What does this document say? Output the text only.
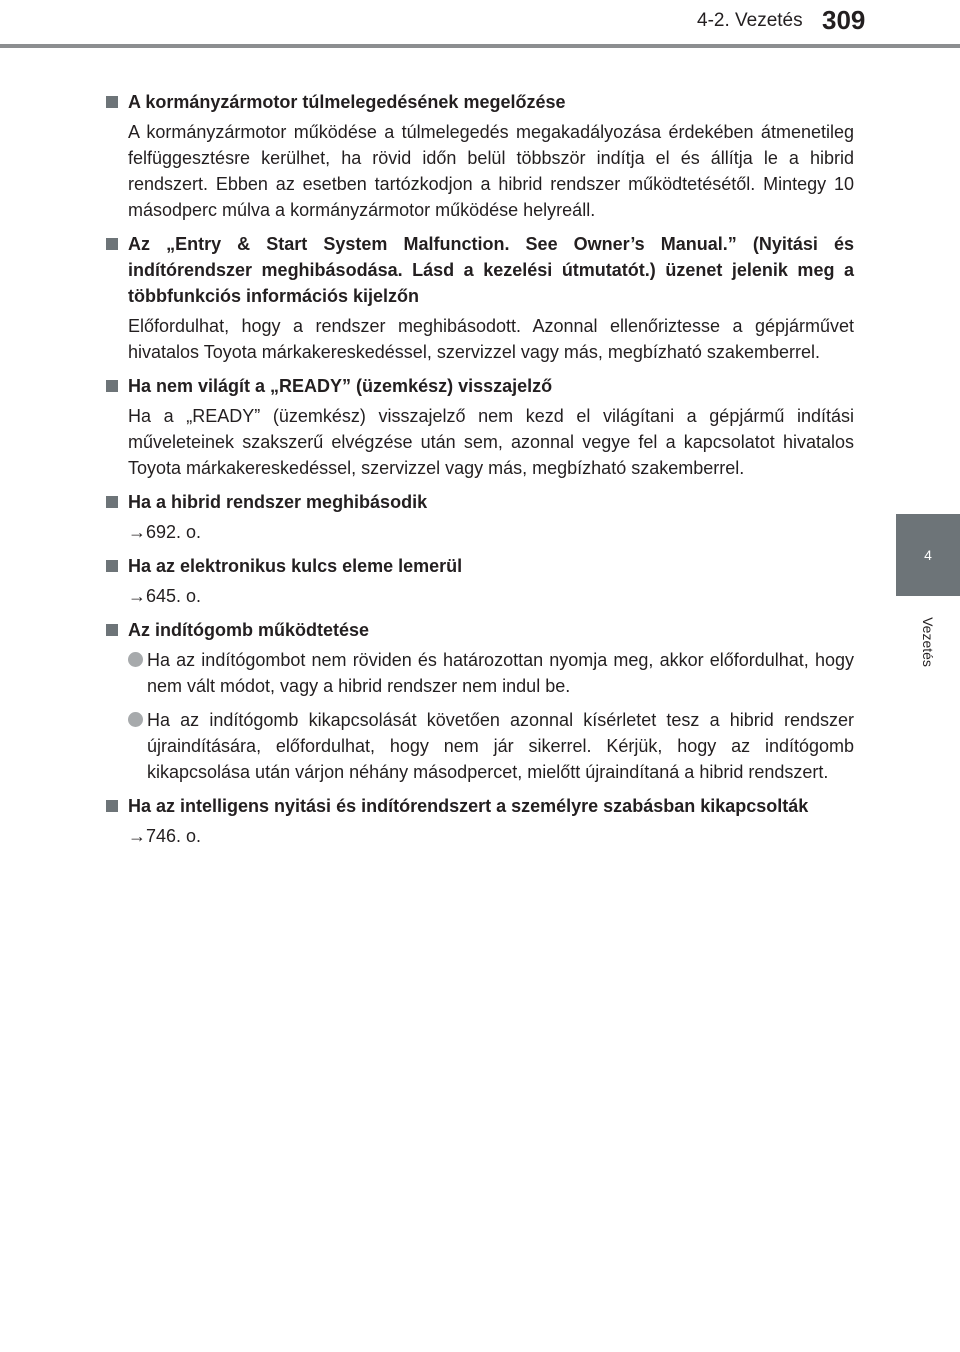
4-2. Vezetés 309
4
Vezetés
A kormányzármotor túlmelegedésének megelőzése
A kormányzármotor működése a túlmelegedés megakadályozása érdekében átmenetileg felfüggesztésre kerülhet, ha rövid időn belül többször indítja el és állítja le a hibrid rendszert. Ebben az esetben tartózkodjon a hibrid rendszer működtetésétől. Mintegy 10 másodperc múlva a kormányzármotor működése helyreáll.
Az „Entry & Start System Malfunction. See Owner’s Manual.” (Nyitási és indítórendszer meghibásodása. Lásd a kezelési útmutatót.) üzenet jelenik meg a többfunkciós információs kijelzőn
Előfordulhat, hogy a rendszer meghibásodott. Azonnal ellenőriztesse a gépjárművet hivatalos Toyota márkakereskedéssel, szervizzel vagy más, megbízható szakemberrel.
Ha nem világít a „READY” (üzemkész) visszajelző
Ha a „READY” (üzemkész) visszajelző nem kezd el világítani a gépjármű indítási műveleteinek szakszerű elvégzése után sem, azonnal vegye fel a kapcsolatot hivatalos Toyota márkakereskedéssel, szervizzel vagy más, megbízható szakemberrel.
Ha a hibrid rendszer meghibásodik
→692. o.
Ha az elektronikus kulcs eleme lemerül
→645. o.
Az indítógomb működtetése
Ha az indítógombot nem röviden és határozottan nyomja meg, akkor előfordulhat, hogy nem vált módot, vagy a hibrid rendszer nem indul be.
Ha az indítógomb kikapcsolását követően azonnal kísérletet tesz a hibrid rendszer újraindítására, előfordulhat, hogy nem jár sikerrel. Kérjük, hogy az indítógomb kikapcsolása után várjon néhány másodpercet, mielőtt újraindítaná a hibrid rendszert.
Ha az intelligens nyitási és indítórendszert a személyre szabásban kikapcsolták
→746. o.
